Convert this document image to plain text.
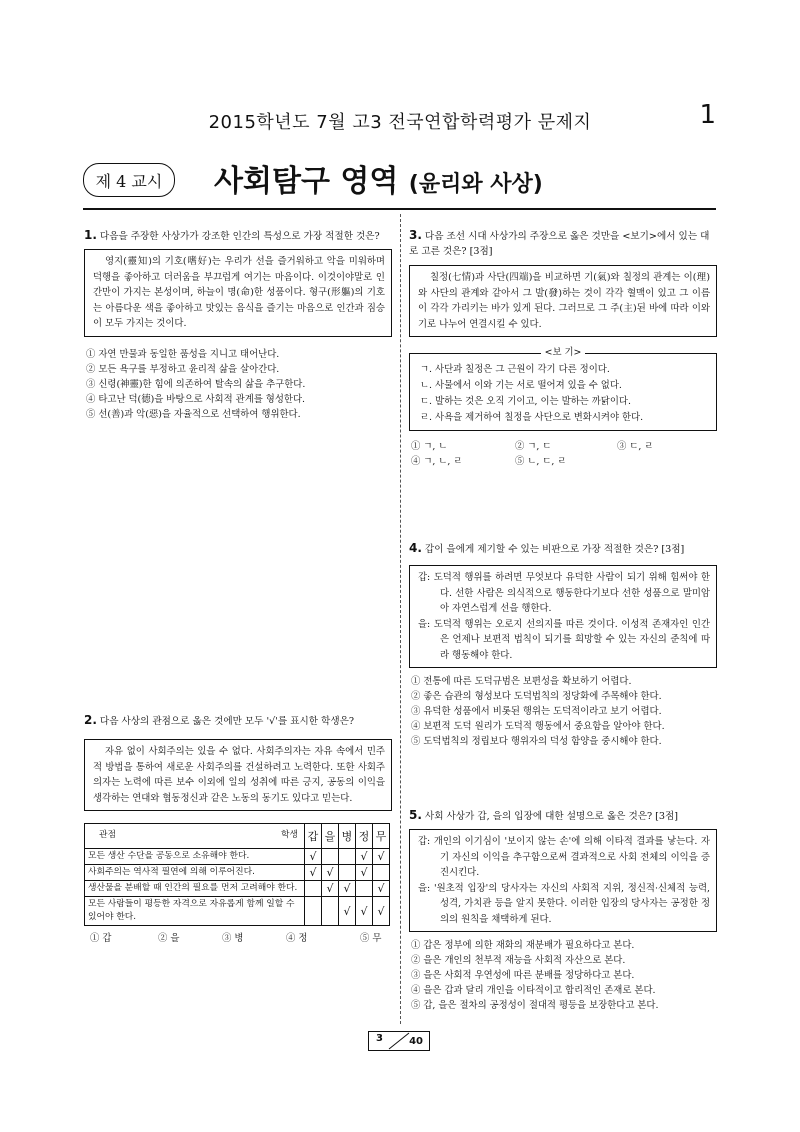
2015학년도 7월 고3 전국연합학력평가 문제지	1
제 4 교시	사회탐구 영역 (윤리와 사상)
1. 다음을 주장한 사상가가 강조한 인간의 특성으로 가장 적절한 것은?
영지(靈知)의 기호(嗜好)는 우리가 선을 즐거워하고 악을 미워하며 덕행을 좋아하고 더러움을 부끄럽게 여기는 마음이다. 이것이야말로 인간만이 가지는 본성이며, 하늘이 명(命)한 성품이다. 형구(形軀)의 기호는 아름다운 색을 좋아하고 맛있는 음식을 즐기는 마음으로 인간과 짐승이 모두 가지는 것이다.
① 자연 만물과 동일한 품성을 지니고 태어난다.
② 모든 욕구를 부정하고 윤리적 삶을 살아간다.
③ 신령(神靈)한 힘에 의존하여 탈속의 삶을 추구한다.
④ 타고난 덕(德)을 바탕으로 사회적 관계를 형성한다.
⑤ 선(善)과 악(惡)을 자율적으로 선택하여 행위한다.
2. 다음 사상의 관점으로 옳은 것에만 모두 '√'를 표시한 학생은?
자유 없이 사회주의는 있을 수 없다. 사회주의자는 자유 속에서 민주적 방법을 통하여 새로운 사회주의를 건설하려고 노력한다. 또한 사회주의자는 노력에 따른 보수 이외에 일의 성취에 따른 긍지, 공동의 이익을 생각하는 연대와 협동정신과 같은 노동의 동기도 있다고 믿는다.
관점 학생	갑	을	병	정	무
모든 생산 수단을 공동으로 소유해야 한다.	√			√	√
사회주의는 역사적 필연에 의해 이루어진다.	√	√		√	
생산물을 분배할 때 인간의 필요를 먼저 고려해야 한다.		√	√		√
모든 사람들이 평등한 자격으로 자유롭게 함께 일할 수 있어야 한다.			√	√	√
① 갑	② 을	③ 병	④ 정	⑤ 무
3. 다음 조선 시대 사상가의 주장으로 옳은 것만을 <보기>에서 있는 대로 고른 것은? [3점]
칠정(七情)과 사단(四端)을 비교하면 기(氣)와 칠정의 관계는 이(理)와 사단의 관계와 같아서 그 발(發)하는 것이 각각 혈맥이 있고 그 이름이 각각 가리키는 바가 있게 된다. 그러므로 그 주(主)된 바에 따라 이와 기로 나누어 연결시킬 수 있다.
<보 기>
ㄱ. 사단과 칠정은 그 근원이 각기 다른 정이다.
ㄴ. 사물에서 이와 기는 서로 떨어져 있을 수 없다.
ㄷ. 발하는 것은 오직 기이고, 이는 발하는 까닭이다.
ㄹ. 사욕을 제거하여 칠정을 사단으로 변화시켜야 한다.
① ㄱ, ㄴ	② ㄱ, ㄷ	③ ㄷ, ㄹ
④ ㄱ, ㄴ, ㄹ	⑤ ㄴ, ㄷ, ㄹ
4. 갑이 을에게 제기할 수 있는 비판으로 가장 적절한 것은? [3점]
갑: 도덕적 행위를 하려면 무엇보다 유덕한 사람이 되기 위해 힘써야 한다. 선한 사람은 의식적으로 행동한다기보다 선한 성품으로 말미암아 자연스럽게 선을 행한다.
을: 도덕적 행위는 오로지 선의지를 따른 것이다. 이성적 존재자인 인간은 언제나 보편적 법칙이 되기를 희망할 수 있는 자신의 준칙에 따라 행동해야 한다.
① 전통에 따른 도덕규범은 보편성을 확보하기 어렵다.
② 좋은 습관의 형성보다 도덕법칙의 정당화에 주목해야 한다.
③ 유덕한 성품에서 비롯된 행위는 도덕적이라고 보기 어렵다.
④ 보편적 도덕 원리가 도덕적 행동에서 중요함을 알아야 한다.
⑤ 도덕법칙의 정립보다 행위자의 덕성 함양을 중시해야 한다.
5. 사회 사상가 갑, 을의 입장에 대한 설명으로 옳은 것은? [3점]
갑: 개인의 이기심이 '보이지 않는 손'에 의해 이타적 결과를 낳는다. 자기 자신의 이익을 추구함으로써 결과적으로 사회 전체의 이익을 증진시킨다.
을: '원초적 입장'의 당사자는 자신의 사회적 지위, 정신적·신체적 능력, 성격, 가치관 등을 알지 못한다. 이러한 입장의 당사자는 공정한 정의의 원칙을 채택하게 된다.
① 갑은 정부에 의한 재화의 재분배가 필요하다고 본다.
② 을은 개인의 천부적 재능을 사회적 자산으로 본다.
③ 을은 사회적 우연성에 따른 분배를 정당하다고 본다.
④ 을은 갑과 달리 개인을 이타적이고 합리적인 존재로 본다.
⑤ 갑, 을은 절차의 공정성이 절대적 평등을 보장한다고 본다.
3	40
